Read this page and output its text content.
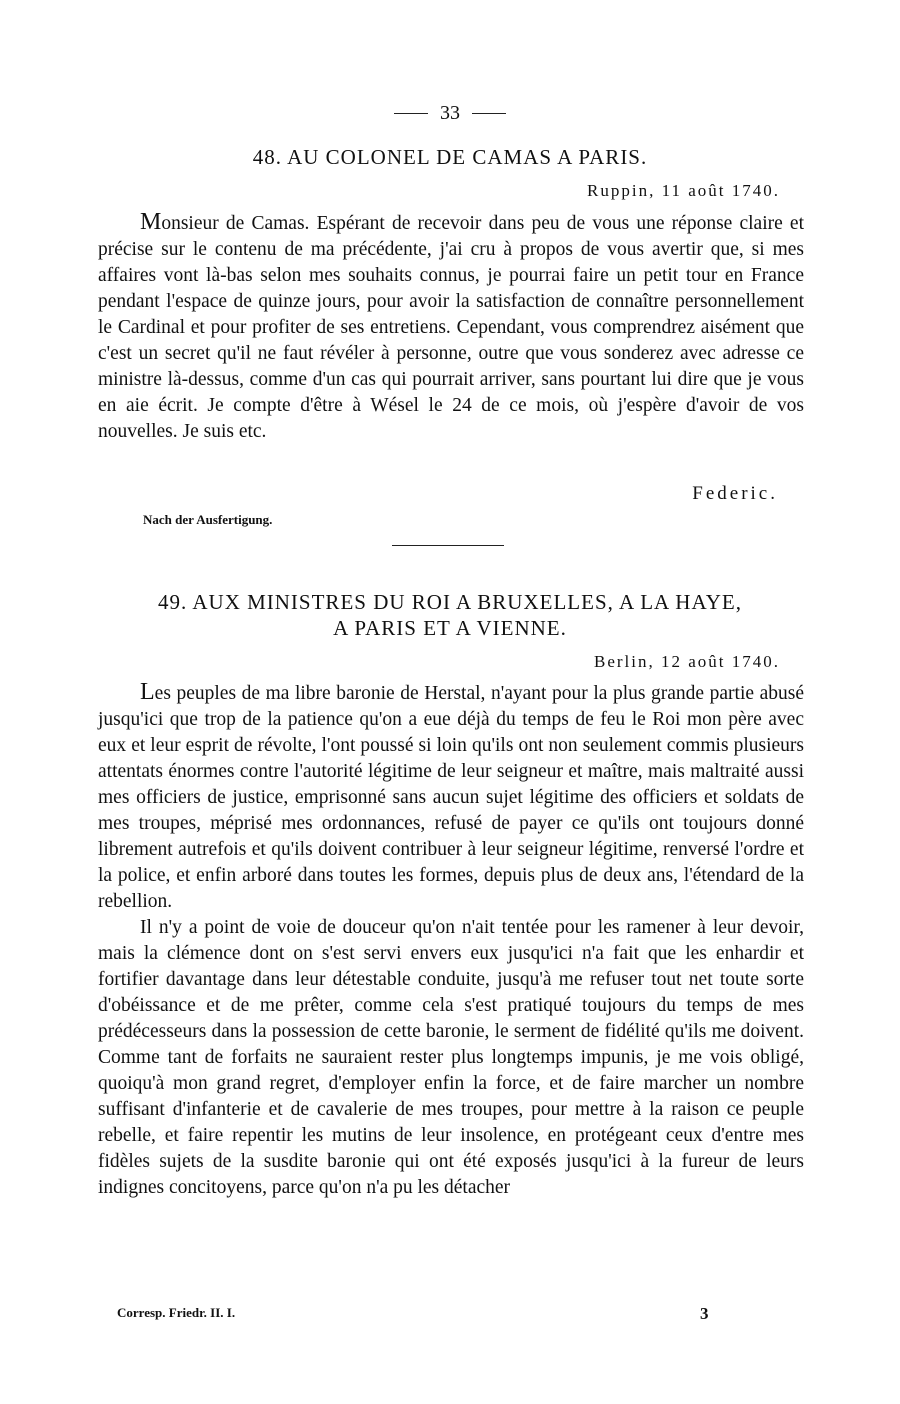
33
48. AU COLONEL DE CAMAS A PARIS.
Ruppin, 11 août 1740.

Monsieur de Camas. Espérant de recevoir dans peu de vous une réponse claire et précise sur le contenu de ma précédente, j'ai cru à propos de vous avertir que, si mes affaires vont là-bas selon mes souhaits connus, je pourrai faire un petit tour en France pendant l'espace de quinze jours, pour avoir la satisfaction de connaître personnellement le Cardinal et pour profiter de ses entretiens. Cependant, vous comprendrez aisément que c'est un secret qu'il ne faut révéler à personne, outre que vous sonderez avec adresse ce ministre là-dessus, comme d'un cas qui pourrait arriver, sans pourtant lui dire que je vous en aie écrit. Je compte d'être à Wésel le 24 de ce mois, où j'espère d'avoir de vos nouvelles. Je suis etc.

Federic.
Nach der Ausfertigung.
49. AUX MINISTRES DU ROI A BRUXELLES, A LA HAYE,
A PARIS ET A VIENNE.
Berlin, 12 août 1740.

Les peuples de ma libre baronie de Herstal, n'ayant pour la plus grande partie abusé jusqu'ici que trop de la patience qu'on a eue déjà du temps de feu le Roi mon père avec eux et leur esprit de révolte, l'ont poussé si loin qu'ils ont non seulement commis plusieurs attentats énormes contre l'autorité légitime de leur seigneur et maître, mais maltraité aussi mes officiers de justice, emprisonné sans aucun sujet légitime des officiers et soldats de mes troupes, méprisé mes ordonnances, refusé de payer ce qu'ils ont toujours donné librement autrefois et qu'ils doivent contribuer à leur seigneur légitime, renversé l'ordre et la police, et enfin arboré dans toutes les formes, depuis plus de deux ans, l'étendard de la rebellion.

Il n'y a point de voie de douceur qu'on n'ait tentée pour les ramener à leur devoir, mais la clémence dont on s'est servi envers eux jusqu'ici n'a fait que les enhardir et fortifier davantage dans leur détestable conduite, jusqu'à me refuser tout net toute sorte d'obéissance et de me prêter, comme cela s'est pratiqué toujours du temps de mes prédécesseurs dans la possession de cette baronie, le serment de fidélité qu'ils me doivent. Comme tant de forfaits ne sauraient rester plus longtemps impunis, je me vois obligé, quoiqu'à mon grand regret, d'employer enfin la force, et de faire marcher un nombre suffisant d'infanterie et de cavalerie de mes troupes, pour mettre à la raison ce peuple rebelle, et faire repentir les mutins de leur insolence, en protégeant ceux d'entre mes fidèles sujets de la susdite baronie qui ont été exposés jusqu'ici à la fureur de leurs indignes concitoyens, parce qu'on n'a pu les détacher

Corresp. Friedr. II. I.	3
